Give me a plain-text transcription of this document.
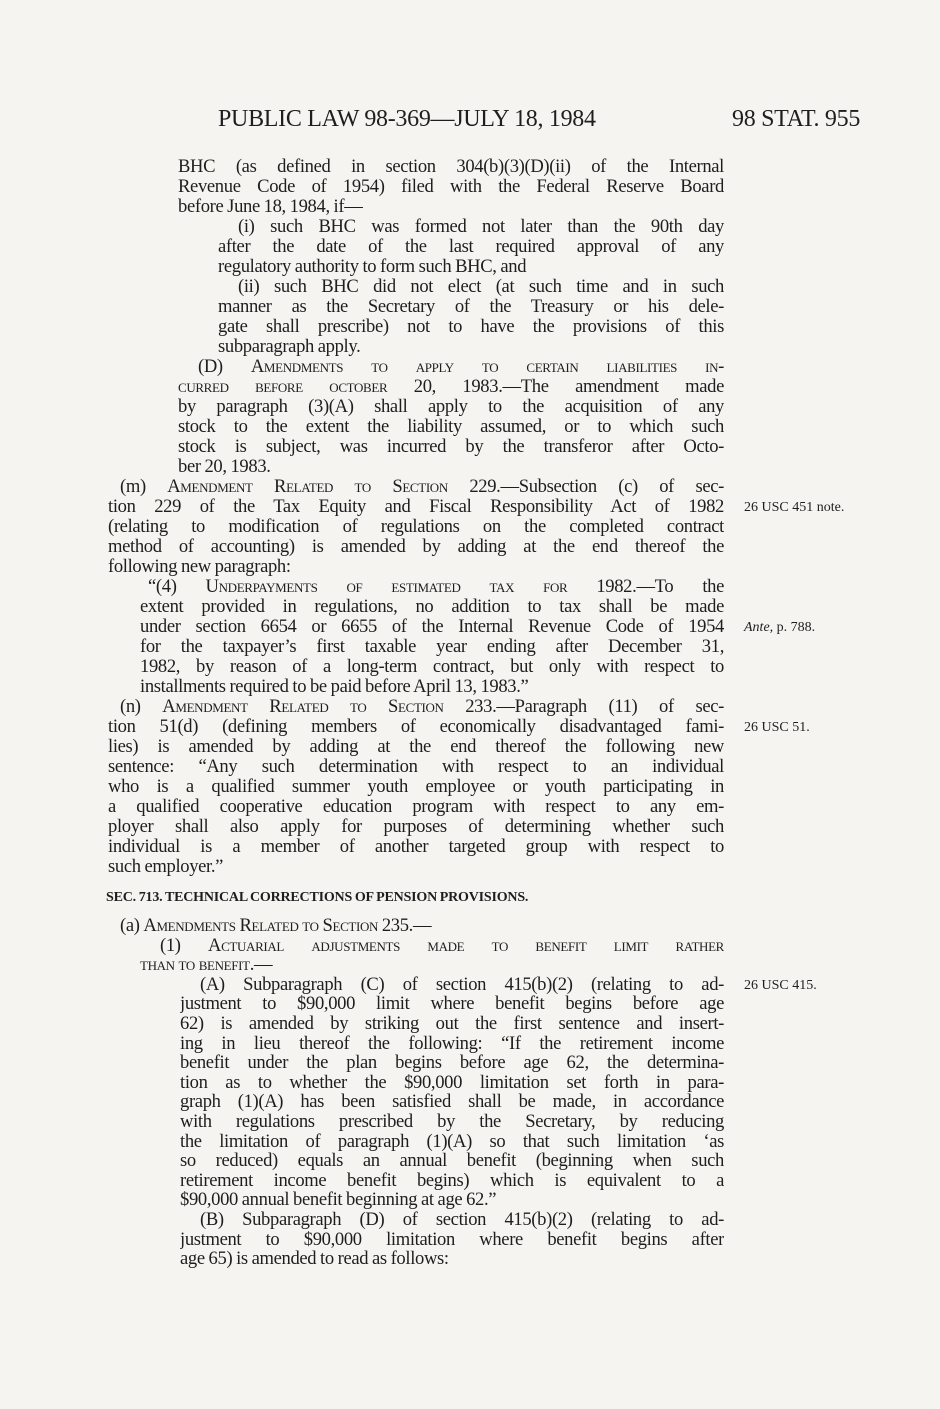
PUBLIC LAW 98-369—JULY 18, 1984	98 STAT. 955
BHC (as defined in section 304(b)(3)(D)(ii) of the Internal
Revenue Code of 1954) filed with the Federal Reserve Board
before June 18, 1984, if—
(i) such BHC was formed not later than the 90th day
after the date of the last required approval of any
regulatory authority to form such BHC, and
(ii) such BHC did not elect (at such time and in such
manner as the Secretary of the Treasury or his dele-
gate shall prescribe) not to have the provisions of this
subparagraph apply.
(D) Amendments to apply to certain liabilities in-
curred before october 20, 1983.—The amendment made
by paragraph (3)(A) shall apply to the acquisition of any
stock to the extent the liability assumed, or to which such
stock is subject, was incurred by the transferor after Octo-
ber 20, 1983.
(m) Amendment Related to Section 229.—Subsection (c) of sec-
tion 229 of the Tax Equity and Fiscal Responsibility Act of 1982
(relating to modification of regulations on the completed contract
method of accounting) is amended by adding at the end thereof the
following new paragraph:
“(4) Underpayments of estimated tax for 1982.—To the
extent provided in regulations, no addition to tax shall be made
under section 6654 or 6655 of the Internal Revenue Code of 1954
for the taxpayer’s first taxable year ending after December 31,
1982, by reason of a long-term contract, but only with respect to
installments required to be paid before April 13, 1983.”
(n) Amendment Related to Section 233.—Paragraph (11) of sec-
tion 51(d) (defining members of economically disadvantaged fami-
lies) is amended by adding at the end thereof the following new
sentence: “Any such determination with respect to an individual
who is a qualified summer youth employee or youth participating in
a qualified cooperative education program with respect to any em-
ployer shall also apply for purposes of determining whether such
individual is a member of another targeted group with respect to
such employer.”
SEC. 713. TECHNICAL CORRECTIONS OF PENSION PROVISIONS.
(a) Amendments Related to Section 235.—
(1) Actuarial adjustments made to benefit limit rather
than to benefit.—
(A) Subparagraph (C) of section 415(b)(2) (relating to ad-
justment to $90,000 limit where benefit begins before age
62) is amended by striking out the first sentence and insert-
ing in lieu thereof the following: “If the retirement income
benefit under the plan begins before age 62, the determina-
tion as to whether the $90,000 limitation set forth in para-
graph (1)(A) has been satisfied shall be made, in accordance
with regulations prescribed by the Secretary, by reducing
the limitation of paragraph (1)(A) so that such limitation ‘as
so reduced) equals an annual benefit (beginning when such
retirement income benefit begins) which is equivalent to a
$90,000 annual benefit beginning at age 62.”
(B) Subparagraph (D) of section 415(b)(2) (relating to ad-
justment to $90,000 limitation where benefit begins after
age 65) is amended to read as follows:
26 USC 451 note.
Ante, p. 788.
26 USC 51.
26 USC 415.
